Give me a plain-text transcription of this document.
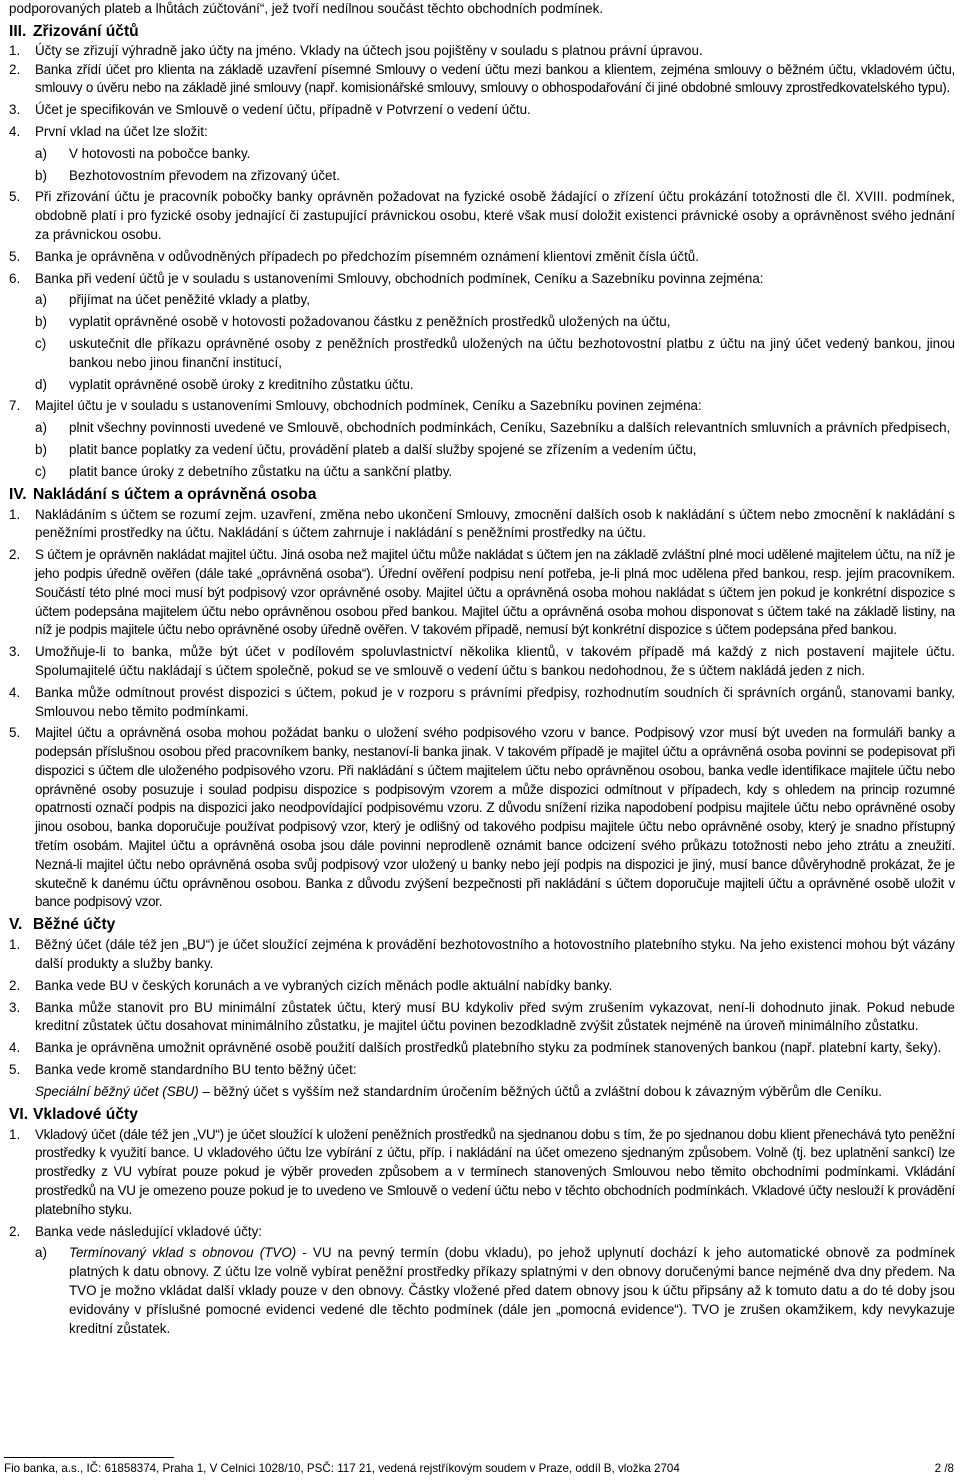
podporovaných plateb a lhůtách zúčtování“, jež tvoří nedílnou součást těchto obchodních podmínek.

III. Zřizování účtů
1.	Účty se zřizují výhradně jako účty na jméno. Vklady na účtech jsou pojištěny v souladu s platnou právní úpravou.
2.	Banka zřídí účet pro klienta na základě uzavření písemné Smlouvy o vedení účtu mezi bankou a klientem, zejména smlouvy o běžném účtu, vkladovém účtu, smlouvy o úvěru nebo na základě jiné smlouvy (např. komisionářské smlouvy, smlouvy o obhospodařování či jiné obdobné smlouvy zprostředkovatelského typu).
3.	Účet je specifikován ve Smlouvě o vedení účtu, případně v Potvrzení o vedení účtu.
4.	První vklad na účet lze složit:
a)	V hotovosti na pobočce banky.
b)	Bezhotovostním převodem na zřizovaný účet.
5.	Při zřizování účtu je pracovník pobočky banky oprávněn požadovat na fyzické osobě žádající o zřízení účtu prokázání totožnosti dle čl. XVIII. podmínek, obdobně platí i pro fyzické osoby jednající či zastupující právnickou osobu, které však musí doložit existenci právnické osoby a oprávněnost svého jednání za právnickou osobu.
5.	Banka je oprávněna v odůvodněných případech po předchozím písemném oznámení klientovi změnit čísla účtů.
6.	Banka při vedení účtů je v souladu s ustanoveními Smlouvy, obchodních podmínek, Ceníku a Sazebníku povinna zejména:
a)	přijímat na účet peněžité vklady a platby,
b)	vyplatit oprávněné osobě v hotovosti požadovanou částku z peněžních prostředků uložených na účtu,
c)	uskutečnit dle příkazu oprávněné osoby z peněžních prostředků uložených na účtu bezhotovostní platbu z účtu na jiný účet vedený bankou, jinou bankou nebo jinou finanční institucí,
d)	vyplatit oprávněné osobě úroky z kreditního zůstatku účtu.
7.	Majitel účtu je v souladu s ustanoveními Smlouvy, obchodních podmínek, Ceníku a Sazebníku povinen zejména:
a)	plnit všechny povinnosti uvedené ve Smlouvě, obchodních podmínkách, Ceníku, Sazebníku a dalších relevantních smluvních a právních předpisech,
b)	platit bance poplatky za vedení účtu, provádění plateb a další služby spojené se zřízením a vedením účtu,
c)	platit bance úroky z debetního zůstatku na účtu a sankční platby.
IV. Nakládání s účtem a oprávněná osoba
1.	Nakládáním s účtem se rozumí zejm. uzavření, změna nebo ukončení Smlouvy, zmocnění dalších osob k nakládání s účtem nebo zmocnění k nakládání s peněžními prostředky na účtu. Nakládání s účtem zahrnuje i nakládání s peněžními prostředky na účtu.
2.	S účtem je oprávněn nakládat majitel účtu. Jiná osoba než majitel účtu může nakládat s účtem jen na základě zvláštní plné moci udělené majitelem účtu, na níž je jeho podpis úředně ověřen (dále také „oprávněná osoba“). Úřední ověření podpisu není potřeba, je-li plná moc udělena před bankou, resp. jejím pracovníkem. Součástí této plné moci musí být podpisový vzor oprávněné osoby. Majitel účtu a oprávněná osoba mohou nakládat s účtem jen pokud je konkrétní dispozice s účtem podepsána majitelem účtu nebo oprávněnou osobou před bankou. Majitel účtu a oprávněná osoba mohou disponovat s účtem také na základě listiny, na níž je podpis majitele účtu nebo oprávněné osoby úředně ověřen. V takovém případě, nemusí být konkrétní dispozice s účtem podepsána před bankou.
3.	Umožňuje-li to banka, může být účet v podílovém spoluvlastnictví několika klientů, v takovém případě má každý z nich postavení majitele účtu. Spolumajitelé účtu nakládají s účtem společně, pokud se ve smlouvě o vedení účtu s bankou nedohodnou, že s účtem nakládá jeden z nich.
4.	Banka může odmítnout provést dispozici s účtem, pokud je v rozporu s právními předpisy, rozhodnutím soudních či správních orgánů, stanovami banky, Smlouvou nebo těmito podmínkami.
5.	Majitel účtu a oprávněná osoba mohou požádat banku o uložení svého podpisového vzoru v bance. Podpisový vzor musí být uveden na formuláři banky a podepsán příslušnou osobou před pracovníkem banky, nestanoví-li banka jinak. V takovém případě je majitel účtu a oprávněná osoba povinni se podepisovat při dispozici s účtem dle uloženého podpisového vzoru. Při nakládání s účtem majitelem účtu nebo oprávněnou osobou, banka vedle identifikace majitele účtu nebo oprávněné osoby posuzuje i soulad podpisu dispozice s podpisovým vzorem a může dispozici odmítnout v případech, kdy s ohledem na princip rozumné opatrnosti označí podpis na dispozici jako neodpovídající podpisovému vzoru. Z důvodu snížení rizika napodobení podpisu majitele účtu nebo oprávněné osoby jinou osobou, banka doporučuje používat podpisový vzor, který je odlišný od takového podpisu majitele účtu nebo oprávněné osoby, který je snadno přístupný třetím osobám. Majitel účtu a oprávněná osoba jsou dále povinni neprodleně oznámit bance odcizení svého průkazu totožnosti nebo jeho ztrátu a zneužití. Nezná-li majitel účtu nebo oprávněná osoba svůj podpisový vzor uložený u banky nebo její podpis na dispozici je jiný, musí bance důvěryhodně prokázat, že je skutečně k danému účtu oprávněnou osobou. Banka z důvodu zvýšení bezpečnosti při nakládání s účtem doporučuje majiteli účtu a oprávněné osobě uložit v bance podpisový vzor.
V. Běžné účty
1.	Běžný účet (dále též jen „BU“) je účet sloužící zejména k provádění bezhotovostního a hotovostního platebního styku. Na jeho existenci mohou být vázány další produkty a služby banky.
2.	Banka vede BU v českých korunách a ve vybraných cizích měnách podle aktuální nabídky banky.
3.	Banka může stanovit pro BU minimální zůstatek účtu, který musí BU kdykoliv před svým zrušením vykazovat, není-li dohodnuto jinak. Pokud nebude kreditní zůstatek účtu dosahovat minimálního zůstatku, je majitel účtu povinen bezodkladně zvýšit zůstatek nejméně na úroveň minimálního zůstatku.
4.	Banka je oprávněna umožnit oprávněné osobě použití dalších prostředků platebního styku za podmínek stanovených bankou (např. platební karty, šeky).
5.	Banka vede kromě standardního BU tento běžný účet:

Speciální běžný účet (SBU) – běžný účet s vyšším než standardním úročením běžných účtů a zvláštní dobou k závazným výběrům dle Ceníku.

VI. Vkladové účty
1.	Vkladový účet (dále též jen „VU“) je účet sloužící k uložení peněžních prostředků na sjednanou dobu s tím, že po sjednanou dobu klient přenechává tyto peněžní prostředky k využití bance. U vkladového účtu lze vybírání z účtu, příp. i nakládání na účet omezeno sjednaným způsobem. Volně (tj. bez uplatnění sankcí) lze prostředky z VU vybírat pouze pokud je výběr proveden způsobem a v termínech stanovených Smlouvou nebo těmito obchodními podmínkami. Vkládání prostředků na VU je omezeno pouze pokud je to uvedeno ve Smlouvě o vedení účtu nebo v těchto obchodních podmínkách. Vkladové účty neslouží k provádění platebního styku.
2.	Banka vede následující vkladové účty:
a)	Termínovaný vklad s obnovou (TVO) - VU na pevný termín (dobu vkladu), po jehož uplynutí dochází k jeho automatické obnově za podmínek platných k datu obnovy. Z účtu lze volně vybírat peněžní prostředky příkazy splatnými v den obnovy doručenými bance nejméně dva dny předem. Na TVO je možno vkládat další vklady pouze v den obnovy. Částky vložené před datem obnovy jsou k účtu připsány až k tomuto datu a do té doby jsou evidovány v příslušné pomocné evidenci vedené dle těchto podmínek (dále jen „pomocná evidence“). TVO je zrušen okamžikem, kdy nevykazuje kreditní zůstatek.
Fio banka, a.s., IČ: 61858374, Praha 1, V Celnici 1028/10, PSČ: 117 21, vedená rejstříkovým soudem v Praze, oddíl B, vložka 2704	2 /8
